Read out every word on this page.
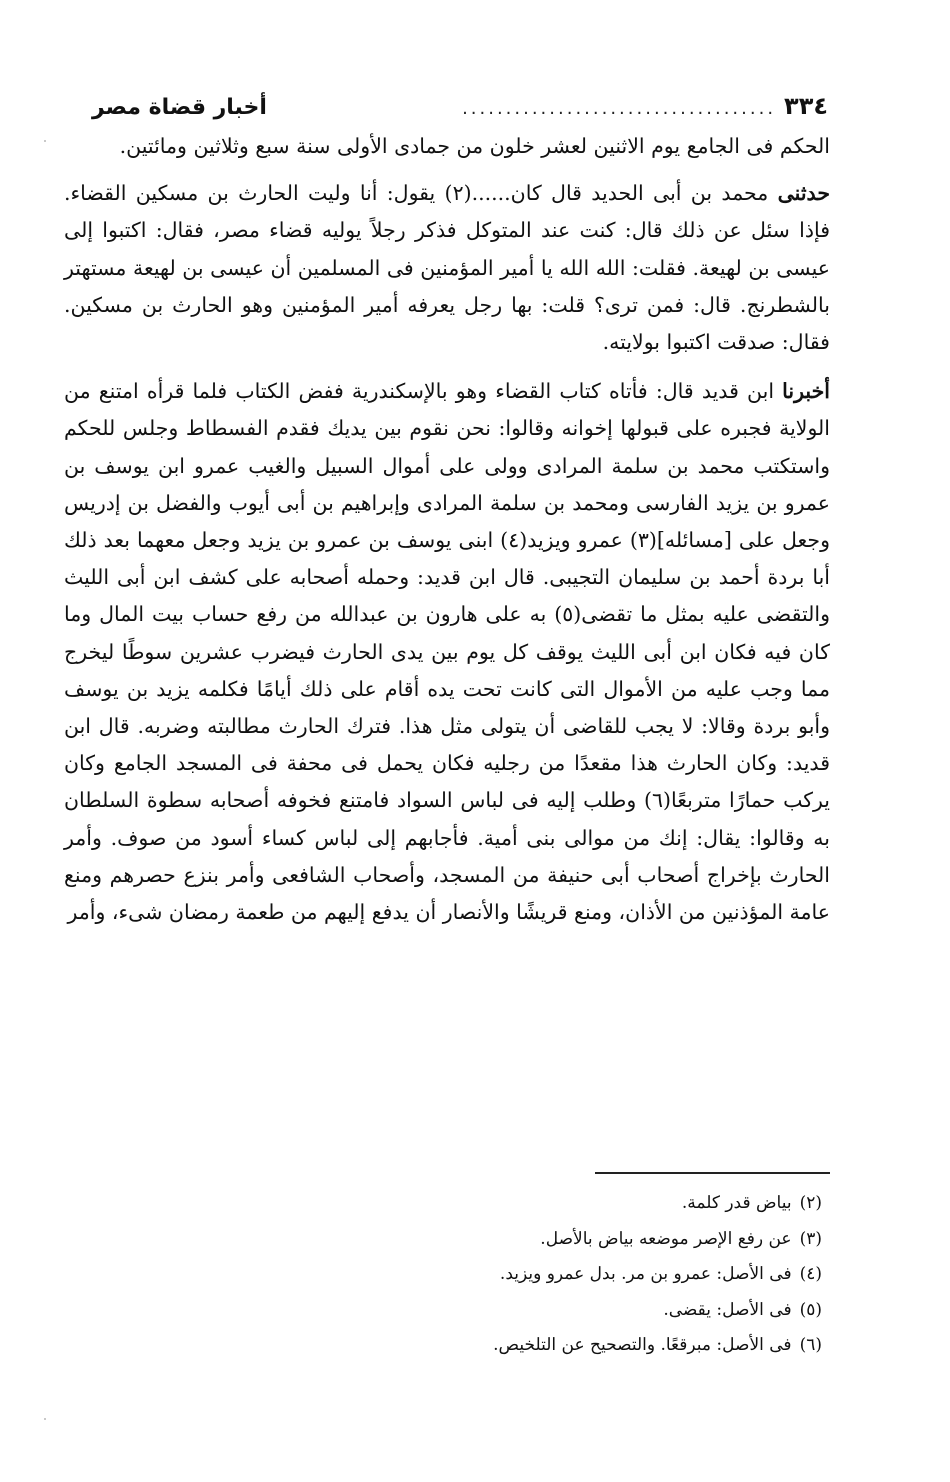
٣٣٤
....................................
أخبار قضاة مصر

الحكم فى الجامع يوم الاثنين لعشر خلون من جمادى الأولى سنة سبع وثلاثين ومائتين.

حدثنى محمد بن أبى الحديد قال كان......(٢) يقول: أنا وليت الحارث بن مسكين القضاء. فإذا سئل عن ذلك قال: كنت عند المتوكل فذكر رجلاً يوليه قضاء مصر، فقال: اكتبوا إلى عيسى بن لهيعة. فقلت: الله الله يا أمير المؤمنين فى المسلمين أن عيسى بن لهيعة مستهتر بالشطرنج. قال: فمن ترى؟ قلت: بها رجل يعرفه أمير المؤمنين وهو الحارث بن مسكين. فقال: صدقت اكتبوا بولايته.

أخبرنا ابن قديد قال: فأتاه كتاب القضاء وهو بالإسكندرية ففض الكتاب فلما قرأه امتنع من الولاية فجبره على قبولها إخوانه وقالوا: نحن نقوم بين يديك فقدم الفسطاط وجلس للحكم واستكتب محمد بن سلمة المرادى وولى على أموال السبيل والغيب عمرو ابن يوسف بن عمرو بن يزيد الفارسى ومحمد بن سلمة المرادى وإبراهيم بن أبى أيوب والفضل بن إدريس وجعل على [مسائله](٣) عمرو ويزيد(٤) ابنى يوسف بن عمرو بن يزيد وجعل معهما بعد ذلك أبا بردة أحمد بن سليمان التجيبى. قال ابن قديد: وحمله أصحابه على كشف ابن أبى الليث والتقضى عليه بمثل ما تقضى(٥) به على هارون بن عبدالله من رفع حساب بيت المال وما كان فيه فكان ابن أبى الليث يوقف كل يوم بين يدى الحارث فيضرب عشرين سوطًا ليخرج مما وجب عليه من الأموال التى كانت تحت يده أقام على ذلك أيامًا فكلمه يزيد بن يوسف وأبو بردة وقالا: لا يجب للقاضى أن يتولى مثل هذا. فترك الحارث مطالبته وضربه. قال ابن قديد: وكان الحارث هذا مقعدًا من رجليه فكان يحمل فى محفة فى المسجد الجامع وكان يركب حمارًا متربعًا(٦) وطلب إليه فى لباس السواد فامتنع فخوفه أصحابه سطوة السلطان به وقالوا: يقال: إنك من موالى بنى أمية. فأجابهم إلى لباس كساء أسود من صوف. وأمر الحارث بإخراج أصحاب أبى حنيفة من المسجد، وأصحاب الشافعى وأمر بنزع حصرهم ومنع عامة المؤذنين من الأذان، ومنع قريشًا والأنصار أن يدفع إليهم من طعمة رمضان شىء، وأمر

(٢)بياض قدر كلمة.
(٣)عن رفع الإصر موضعه بياض بالأصل.
(٤)فى الأصل: عمرو بن مر. بدل عمرو ويزيد.
(٥)فى الأصل: يقضى.
(٦)فى الأصل: مبرقعًا. والتصحيح عن التلخيص.
